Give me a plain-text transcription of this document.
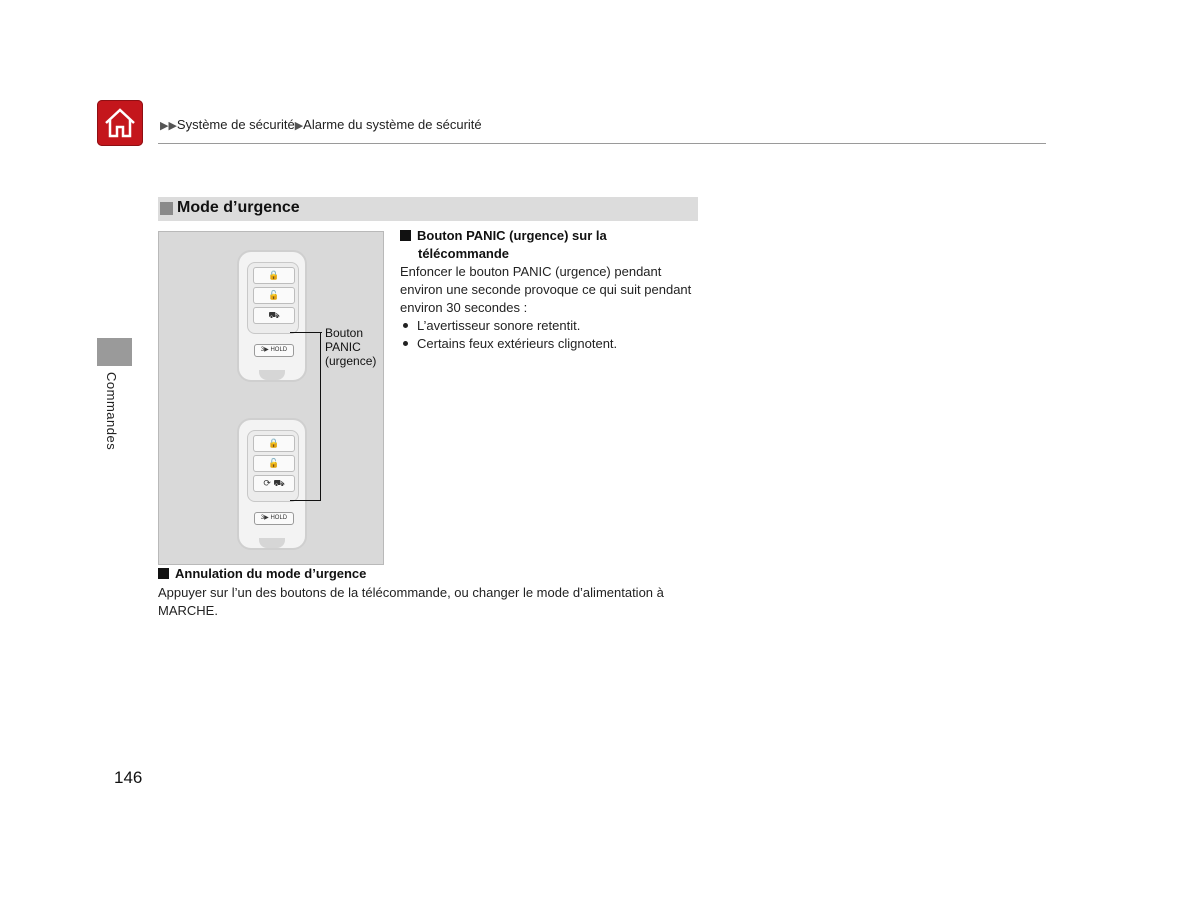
▶▶Système de sécurité▶Alarme du système de sécurité
Commandes
Mode d’urgence
🔒
🔓
⛟
3▶ HOLD
🔒
🔓
⟳ ⛟
3▶ HOLD
Bouton
PANIC
(urgence)
Bouton PANIC (urgence) sur la
télécommande
Enfoncer le bouton PANIC (urgence) pendant
environ une seconde provoque ce qui suit pendant
environ 30 secondes :
L’avertisseur sonore retentit.
Certains feux extérieurs clignotent.
Annulation du mode d’urgence
Appuyer sur l’un des boutons de la télécommande, ou changer le mode d’alimentation à
MARCHE.
146
